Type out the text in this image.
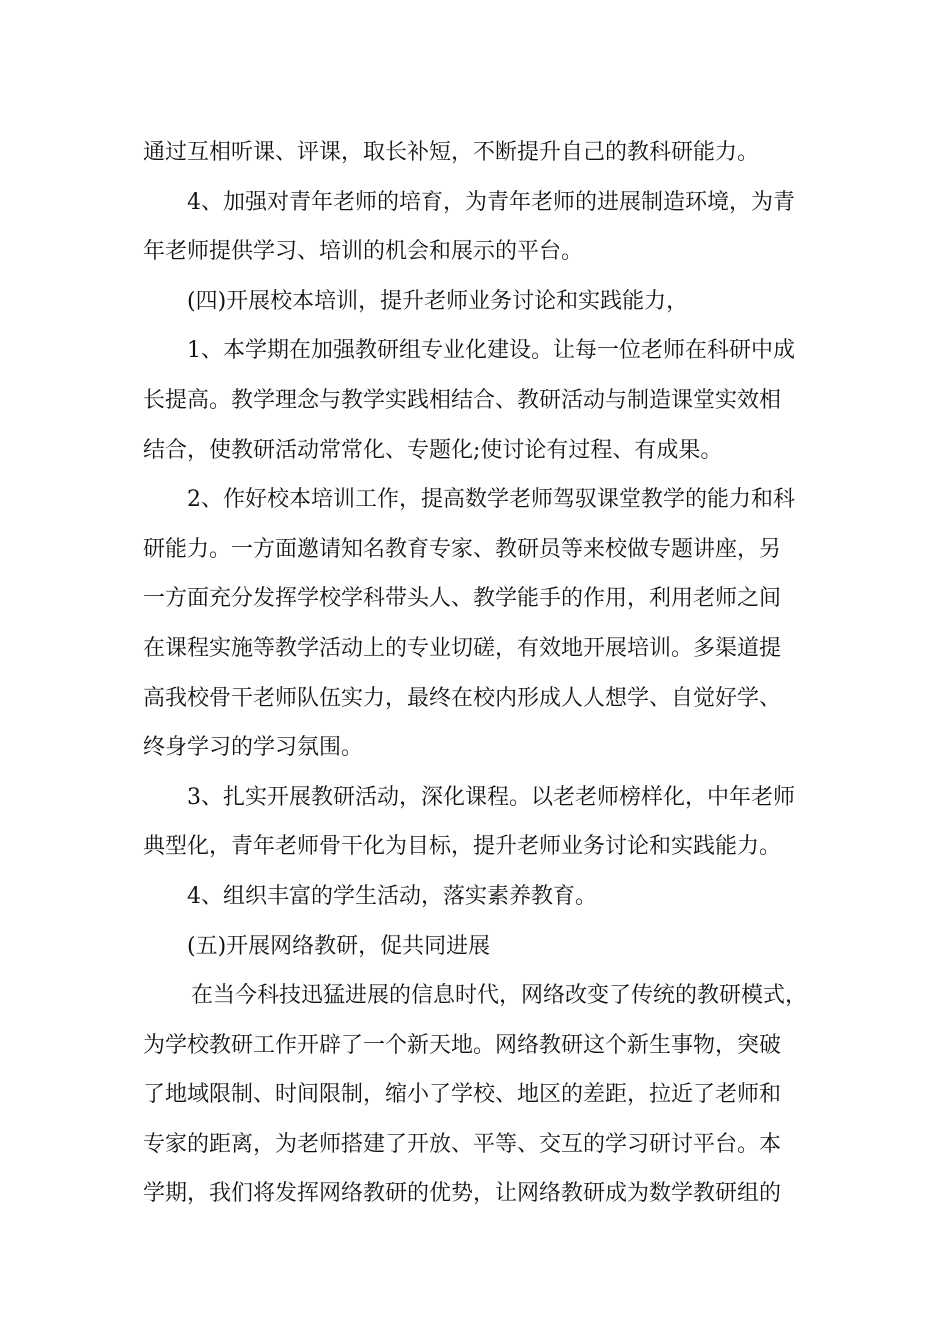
通过互相听课、评课，取长补短，不断提升自己的教科研能力。
4、加强对青年老师的培育，为青年老师的进展制造环境，为青
年老师提供学习、培训的机会和展示的平台。
(四)开展校本培训，提升老师业务讨论和实践能力，
1、本学期在加强教研组专业化建设。让每一位老师在科研中成
长提高。教学理念与教学实践相结合、教研活动与制造课堂实效相
结合，使教研活动常常化、专题化;使讨论有过程、有成果。
2、作好校本培训工作，提高数学老师驾驭课堂教学的能力和科
研能力。一方面邀请知名教育专家、教研员等来校做专题讲座，另
一方面充分发挥学校学科带头人、教学能手的作用，利用老师之间
在课程实施等教学活动上的专业切磋，有效地开展培训。多渠道提
高我校骨干老师队伍实力，最终在校内形成人人想学、自觉好学、
终身学习的学习氛围。
3、扎实开展教研活动，深化课程。以老老师榜样化，中年老师
典型化，青年老师骨干化为目标，提升老师业务讨论和实践能力。
4、组织丰富的学生活动，落实素养教育。
(五)开展网络教研，促共同进展
在当今科技迅猛进展的信息时代，网络改变了传统的教研模式，
为学校教研工作开辟了一个新天地。网络教研这个新生事物，突破
了地域限制、时间限制，缩小了学校、地区的差距，拉近了老师和
专家的距离，为老师搭建了开放、平等、交互的学习研讨平台。本
学期，我们将发挥网络教研的优势，让网络教研成为数学教研组的
